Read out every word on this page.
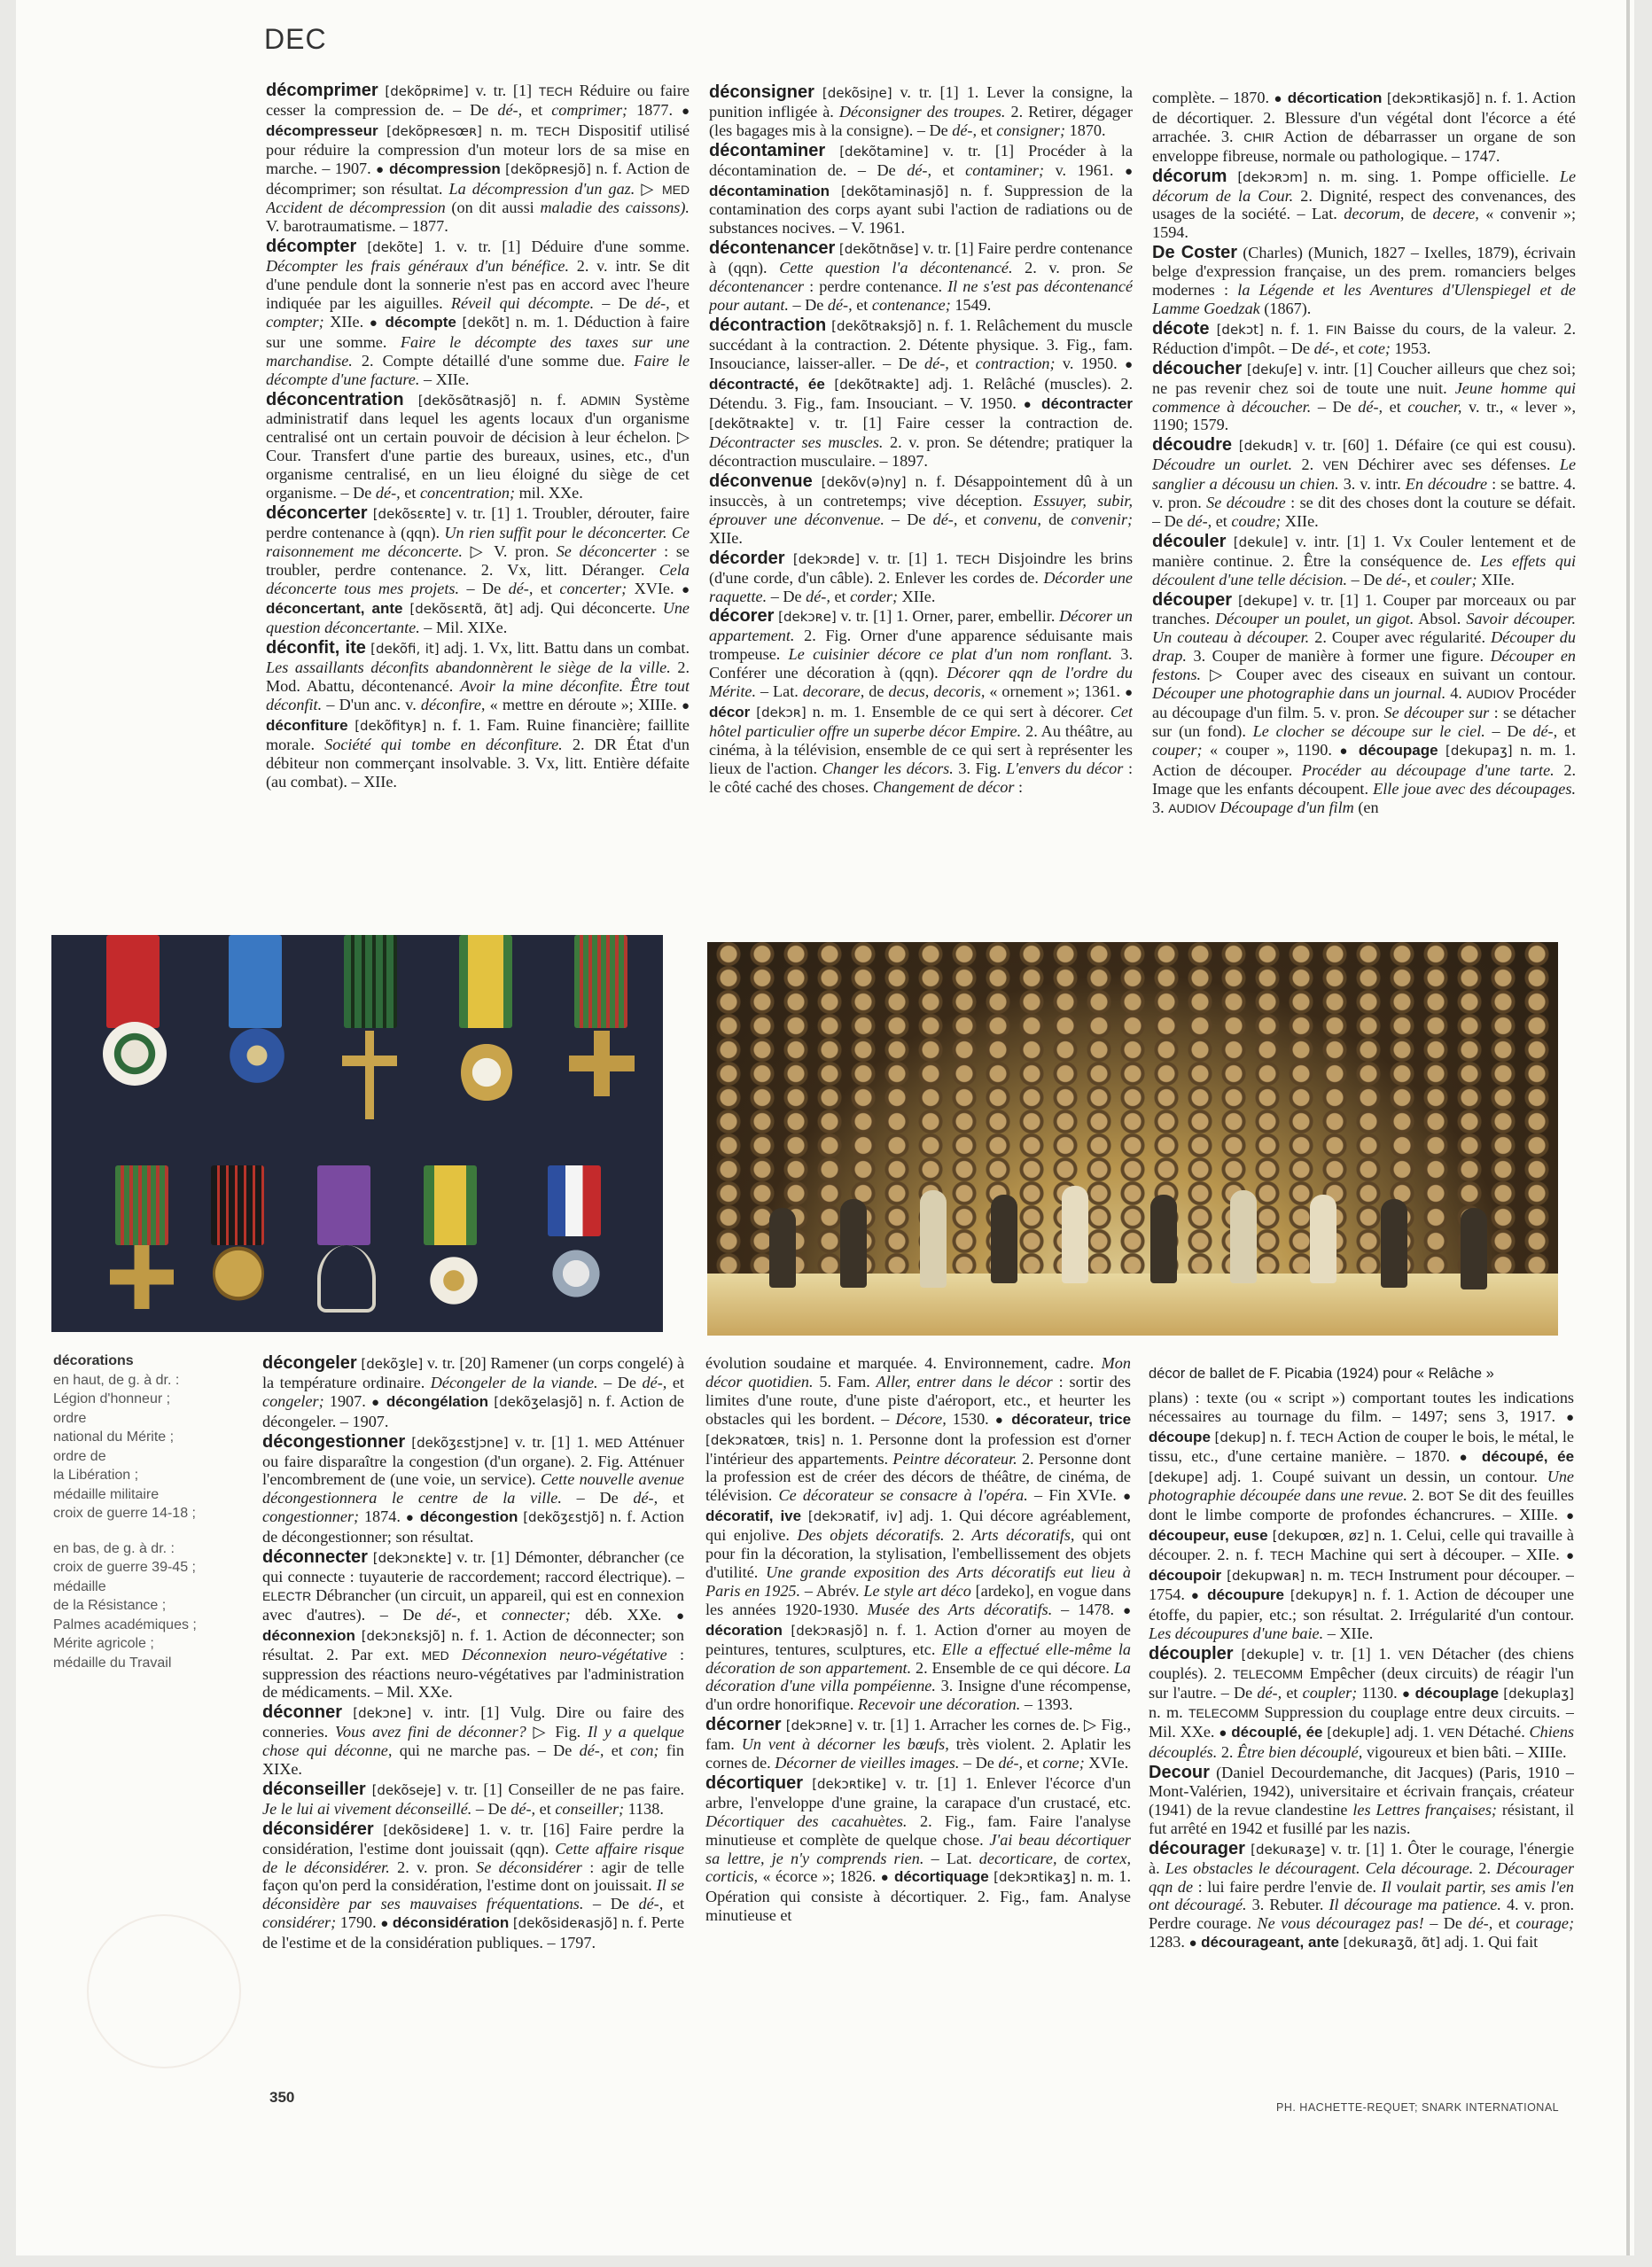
DEC

décomprimer [dekõpʀime] v. tr. [1] TECH Réduire ou faire cesser la compression de. – De dé-, et comprimer; 1877. ● décompresseur [dekõpʀesœʀ] n. m. TECH Dispositif utilisé pour réduire la compression d'un moteur lors de sa mise en marche. – 1907. ● décompression [dekõpʀesjõ] n. f. Action de décomprimer; son résultat. La décompression d'un gaz. ▷ MED Accident de décompression (on dit aussi maladie des caissons). V. barotraumatisme. – 1877.

décompter [dekõte] 1. v. tr. [1] Déduire d'une somme. Décompter les frais généraux d'un bénéfice. 2. v. intr. Se dit d'une pendule dont la sonnerie n'est pas en accord avec l'heure indiquée par les aiguilles. Réveil qui décompte. – De dé-, et compter; XIIe. ● décompte [dekõt] n. m. 1. Déduction à faire sur une somme. Faire le décompte des taxes sur une marchandise. 2. Compte détaillé d'une somme due. Faire le décompte d'une facture. – XIIe.

déconcentration [dekõsɑ̃tʀasjõ] n. f. ADMIN Système administratif dans lequel les agents locaux d'un organisme centralisé ont un certain pouvoir de décision à leur échelon. ▷ Cour. Transfert d'une partie des bureaux, usines, etc., d'un organisme centralisé, en un lieu éloigné du siège de cet organisme. – De dé-, et concentration; mil. XXe.

déconcerter [dekõsɛʀte] v. tr. [1] 1. Troubler, dérouter, faire perdre contenance à (qqn). Un rien suffit pour le déconcerter. Ce raisonnement me déconcerte. ▷ V. pron. Se déconcerter : se troubler, perdre contenance. 2. Vx, litt. Déranger. Cela déconcerte tous mes projets. – De dé-, et concerter; XVIe. ● déconcertant, ante [dekõsɛʀtɑ̃, ɑ̃t] adj. Qui déconcerte. Une question déconcertante. – Mil. XIXe.

déconfit, ite [dekõfi, it] adj. 1. Vx, litt. Battu dans un combat. Les assaillants déconfits abandonnèrent le siège de la ville. 2. Mod. Abattu, décontenancé. Avoir la mine déconfite. Être tout déconfit. – D'un anc. v. déconfire, « mettre en déroute »; XIIIe. ● déconfiture [dekõfityʀ] n. f. 1. Fam. Ruine financière; faillite morale. Société qui tombe en déconfiture. 2. DR État d'un débiteur non commerçant insolvable. 3. Vx, litt. Entière défaite (au combat). – XIIe.

déconsigner [dekõsiɲe] v. tr. [1] 1. Lever la consigne, la punition infligée à. Déconsigner des troupes. 2. Retirer, dégager (les bagages mis à la consigne). – De dé-, et consigner; 1870.

décontaminer [dekõtamine] v. tr. [1] Procéder à la décontamination de. – De dé-, et contaminer; v. 1961. ● décontamination [dekõtaminasjõ] n. f. Suppression de la contamination des corps ayant subi l'action de radiations ou de substances nocives. – V. 1961.

décontenancer [dekõtnɑ̃se] v. tr. [1] Faire perdre contenance à (qqn). Cette question l'a décontenancé. 2. v. pron. Se décontenancer : perdre contenance. Il ne s'est pas décontenancé pour autant. – De dé-, et contenance; 1549.

décontraction [dekõtʀaksjõ] n. f. 1. Relâchement du muscle succédant à la contraction. 2. Détente physique. 3. Fig., fam. Insouciance, laisser-aller. – De dé-, et contraction; v. 1950. ● décontracté, ée [dekõtʀakte] adj. 1. Relâché (muscles). 2. Détendu. 3. Fig., fam. Insouciant. – V. 1950. ● décontracter [dekõtʀakte] v. tr. [1] Faire cesser la contraction de. Décontracter ses muscles. 2. v. pron. Se détendre; pratiquer la décontraction musculaire. – 1897.

déconvenue [dekõv(ə)ny] n. f. Désappointement dû à un insuccès, à un contretemps; vive déception. Essuyer, subir, éprouver une déconvenue. – De dé-, et convenu, de convenir; XIIe.

décorder [dekɔʀde] v. tr. [1] 1. TECH Disjoindre les brins (d'une corde, d'un câble). 2. Enlever les cordes de. Décorder une raquette. – De dé-, et corder; XIIe.

décorer [dekɔʀe] v. tr. [1] 1. Orner, parer, embellir. Décorer un appartement. 2. Fig. Orner d'une apparence séduisante mais trompeuse. Le cuisinier décore ce plat d'un nom ronflant. 3. Conférer une décoration à (qqn). Décorer qqn de l'ordre du Mérite. – Lat. decorare, de decus, decoris, « ornement »; 1361. ● décor [dekɔʀ] n. m. 1. Ensemble de ce qui sert à décorer. Cet hôtel particulier offre un superbe décor Empire. 2. Au théâtre, au cinéma, à la télévision, ensemble de ce qui sert à représenter les lieux de l'action. Changer les décors. 3. Fig. L'envers du décor : le côté caché des choses. Changement de décor :

complète. – 1870. ● décortication [dekɔʀtikasjõ] n. f. 1. Action de décortiquer. 2. Blessure d'un végétal dont l'écorce a été arrachée. 3. CHIR Action de débarrasser un organe de son enveloppe fibreuse, normale ou pathologique. – 1747.

décorum [dekɔʀɔm] n. m. sing. 1. Pompe officielle. Le décorum de la Cour. 2. Dignité, respect des convenances, des usages de la société. – Lat. decorum, de decere, « convenir »; 1594.

De Coster (Charles) (Munich, 1827 – Ixelles, 1879), écrivain belge d'expression française, un des prem. romanciers belges modernes : la Légende et les Aventures d'Ulenspiegel et de Lamme Goedzak (1867).

décote [dekɔt] n. f. 1. FIN Baisse du cours, de la valeur. 2. Réduction d'impôt. – De dé-, et cote; 1953.

découcher [dekuʃe] v. intr. [1] Coucher ailleurs que chez soi; ne pas revenir chez soi de toute une nuit. Jeune homme qui commence à découcher. – De dé-, et coucher, v. tr., « lever », 1190; 1579.

découdre [dekudʀ] v. tr. [60] 1. Défaire (ce qui est cousu). Découdre un ourlet. 2. VEN Déchirer avec ses défenses. Le sanglier a décousu un chien. 3. v. intr. En découdre : se battre. 4. v. pron. Se découdre : se dit des choses dont la couture se défait. – De dé-, et coudre; XIIe.

découler [dekule] v. intr. [1] 1. Vx Couler lentement et de manière continue. 2. Être la conséquence de. Les effets qui découlent d'une telle décision. – De dé-, et couler; XIIe.

découper [dekupe] v. tr. [1] 1. Couper par morceaux ou par tranches. Découper un poulet, un gigot. Absol. Savoir découper. Un couteau à découper. 2. Couper avec régularité. Découper du drap. 3. Couper de manière à former une figure. Découper en festons. ▷ Couper avec des ciseaux en suivant un contour. Découper une photographie dans un journal. 4. AUDIOV Procéder au découpage d'un film. 5. v. pron. Se découper sur : se détacher sur (un fond). Le clocher se découpe sur le ciel. – De dé-, et couper; « couper », 1190. ● découpage [dekupaʒ] n. m. 1. Action de découper. Procéder au découpage d'une tarte. 2. Image que les enfants découpent. Elle joue avec des découpages. 3. AUDIOV Découpage d'un film (en

décorations
en haut, de g. à dr. :
Légion d'honneur ;
ordre
national du Mérite ;
ordre de
la Libération ;
médaille militaire
croix de guerre 14-18 ;
en bas, de g. à dr. :
croix de guerre 39-45 ;
médaille
de la Résistance ;
Palmes académiques ;
Mérite agricole ;
médaille du Travail

décongeler [dekõʒle] v. tr. [20] Ramener (un corps congelé) à la température ordinaire. Décongeler de la viande. – De dé-, et congeler; 1907. ● décongélation [dekõʒelasjõ] n. f. Action de décongeler. – 1907.

décongestionner [dekõʒɛstjɔne] v. tr. [1] 1. MED Atténuer ou faire disparaître la congestion (d'un organe). 2. Fig. Atténuer l'encombrement de (une voie, un service). Cette nouvelle avenue décongestionnera le centre de la ville. – De dé-, et congestionner; 1874. ● décongestion [dekõʒɛstjõ] n. f. Action de décongestionner; son résultat.

déconnecter [dekɔnɛkte] v. tr. [1] Démonter, débrancher (ce qui connecte : tuyauterie de raccordement; raccord électrique). – ELECTR Débrancher (un circuit, un appareil, qui est en connexion avec d'autres). – De dé-, et connecter; déb. XXe. ● déconnexion [dekɔnɛksjõ] n. f. 1. Action de déconnecter; son résultat. 2. Par ext. MED Déconnexion neuro-végétative : suppression des réactions neuro-végétatives par l'administration de médicaments. – Mil. XXe.

déconner [dekɔne] v. intr. [1] Vulg. Dire ou faire des conneries. Vous avez fini de déconner? ▷ Fig. Il y a quelque chose qui déconne, qui ne marche pas. – De dé-, et con; fin XIXe.

déconseiller [dekõseje] v. tr. [1] Conseiller de ne pas faire. Je le lui ai vivement déconseillé. – De dé-, et conseiller; 1138.

déconsidérer [dekõsideʀe] 1. v. tr. [16] Faire perdre la considération, l'estime dont jouissait (qqn). Cette affaire risque de le déconsidérer. 2. v. pron. Se déconsidérer : agir de telle façon qu'on perd la considération, l'estime dont on jouissait. Il se déconsidère par ses mauvaises fréquentations. – De dé-, et considérer; 1790. ● déconsidération [dekõsideʀasjõ] n. f. Perte de l'estime et de la considération publiques. – 1797.

évolution soudaine et marquée. 4. Environnement, cadre. Mon décor quotidien. 5. Fam. Aller, entrer dans le décor : sortir des limites d'une route, d'une piste d'aéroport, etc., et heurter les obstacles qui les bordent. – Décore, 1530. ● décorateur, trice [dekɔʀatœʀ, tʀis] n. 1. Personne dont la profession est d'orner l'intérieur des appartements. Peintre décorateur. 2. Personne dont la profession est de créer des décors de théâtre, de cinéma, de télévision. Ce décorateur se consacre à l'opéra. – Fin XVIe. ● décoratif, ive [dekɔʀatif, iv] adj. 1. Qui décore agréablement, qui enjolive. Des objets décoratifs. 2. Arts décoratifs, qui ont pour fin la décoration, la stylisation, l'embellissement des objets d'utilité. Une grande exposition des Arts décoratifs eut lieu à Paris en 1925. – Abrév. Le style art déco [ardeko], en vogue dans les années 1920-1930. Musée des Arts décoratifs. – 1478. ● décoration [dekɔʀasjõ] n. f. 1. Action d'orner au moyen de peintures, tentures, sculptures, etc. Elle a effectué elle-même la décoration de son appartement. 2. Ensemble de ce qui décore. La décoration d'une villa pompéienne. 3. Insigne d'une récompense, d'un ordre honorifique. Recevoir une décoration. – 1393.

décorner [dekɔʀne] v. tr. [1] 1. Arracher les cornes de. ▷ Fig., fam. Un vent à décorner les bœufs, très violent. 2. Aplatir les cornes de. Décorner de vieilles images. – De dé-, et corne; XVIe.

décortiquer [dekɔʀtike] v. tr. [1] 1. Enlever l'écorce d'un arbre, l'enveloppe d'une graine, la carapace d'un crustacé, etc. Décortiquer des cacahuètes. 2. Fig., fam. Faire l'analyse minutieuse et complète de quelque chose. J'ai beau décortiquer sa lettre, je n'y comprends rien. – Lat. decorticare, de cortex, corticis, « écorce »; 1826. ● décortiquage [dekɔʀtikaʒ] n. m. 1. Opération qui consiste à décortiquer. 2. Fig., fam. Analyse minutieuse et

décor de ballet de F. Picabia (1924) pour « Relâche »

plans) : texte (ou « script ») comportant toutes les indications nécessaires au tournage du film. – 1497; sens 3, 1917. ● découpe [dekup] n. f. TECH Action de couper le bois, le métal, le tissu, etc., d'une certaine manière. – 1870. ● découpé, ée [dekupe] adj. 1. Coupé suivant un dessin, un contour. Une photographie découpée dans une revue. 2. BOT Se dit des feuilles dont le limbe comporte de profondes échancrures. – XIIIe. ● découpeur, euse [dekupœʀ, øz] n. 1. Celui, celle qui travaille à découper. 2. n. f. TECH Machine qui sert à découper. – XIIe. ● découpoir [dekupwaʀ] n. m. TECH Instrument pour découper. – 1754. ● découpure [dekupyʀ] n. f. 1. Action de découper une étoffe, du papier, etc.; son résultat. 2. Irrégularité d'un contour. Les découpures d'une baie. – XIIe.

découpler [dekuple] v. tr. [1] 1. VEN Détacher (des chiens couplés). 2. TELECOMM Empêcher (deux circuits) de réagir l'un sur l'autre. – De dé-, et coupler; 1130. ● découplage [dekuplaʒ] n. m. TELECOMM Suppression du couplage entre deux circuits. – Mil. XXe. ● découplé, ée [dekuple] adj. 1. VEN Détaché. Chiens découplés. 2. Être bien découplé, vigoureux et bien bâti. – XIIIe.

Decour (Daniel Decourdemanche, dit Jacques) (Paris, 1910 – Mont-Valérien, 1942), universitaire et écrivain français, créateur (1941) de la revue clandestine les Lettres françaises; résistant, il fut arrêté en 1942 et fusillé par les nazis.

décourager [dekuʀaʒe] v. tr. [1] 1. Ôter le courage, l'énergie à. Les obstacles le découragent. Cela décourage. 2. Décourager qqn de : lui faire perdre l'envie de. Il voulait partir, ses amis l'en ont découragé. 3. Rebuter. Il décourage ma patience. 4. v. pron. Perdre courage. Ne vous découragez pas! – De dé-, et courage; 1283. ● décourageant, ante [dekuʀaʒɑ̃, ɑ̃t] adj. 1. Qui fait

350
PH. HACHETTE-REQUET; SNARK INTERNATIONAL
